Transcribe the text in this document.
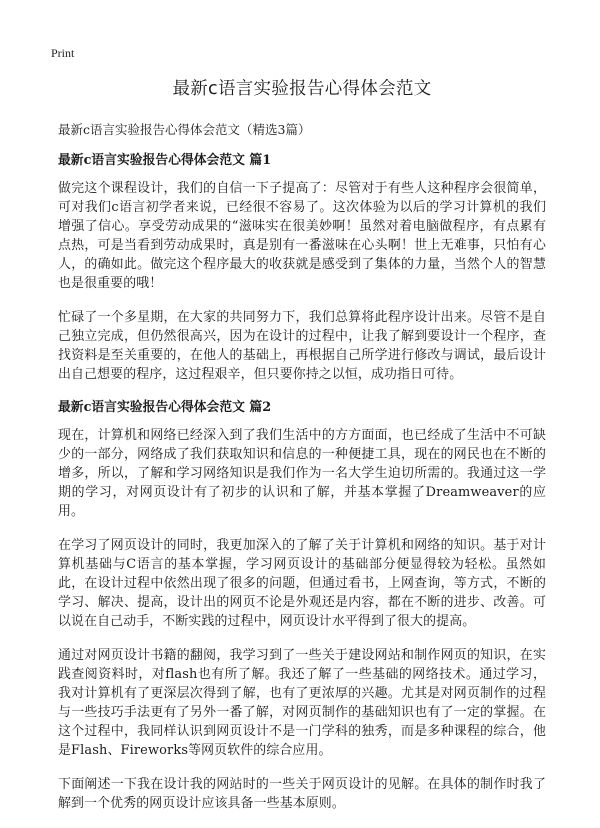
Print
最新c语言实验报告心得体会范文
最新c语言实验报告心得体会范文（精选3篇）
最新c语言实验报告心得体会范文 篇1

做完这个课程设计，我们的自信一下子提高了：尽管对于有些人这种程序会很简单，可对我们c语言初学者来说，已经很不容易了。这次体验为以后的学习计算机的我们增强了信心。享受劳动成果的“滋味实在很美妙啊！虽然对着电脑做程序，有点累有点热，可是当看到劳动成果时，真是别有一番滋味在心头啊！世上无难事，只怕有心人，的确如此。做完这个程序最大的收获就是感受到了集体的力量，当然个人的智慧也是很重要的哦！

忙碌了一个多星期，在大家的共同努力下，我们总算将此程序设计出来。尽管不是自己独立完成，但仍然很高兴，因为在设计的过程中，让我了解到要设计一个程序，查找资料是至关重要的，在他人的基础上，再根据自己所学进行修改与调试，最后设计出自己想要的程序，这过程艰辛，但只要你持之以恒，成功指日可待。

最新c语言实验报告心得体会范文 篇2

现在，计算机和网络已经深入到了我们生活中的方方面面，也已经成了生活中不可缺少的一部分，网络成了我们获取知识和信息的一种便捷工具，现在的网民也在不断的增多，所以，了解和学习网络知识是我们作为一名大学生迫切所需的。我通过这一学期的学习，对网页设计有了初步的认识和了解，并基本掌握了Dreamweaver的应用。

在学习了网页设计的同时，我更加深入的了解了关于计算机和网络的知识。基于对计算机基础与C语言的基本掌握，学习网页设计的基础部分便显得较为轻松。虽然如此，在设计过程中依然出现了很多的问题，但通过看书，上网查询，等方式，不断的学习、解决、提高，设计出的网页不论是外观还是内容，都在不断的进步、改善。可以说在自己动手，不断实践的过程中，网页设计水平得到了很大的提高。

通过对网页设计书籍的翻阅，我学习到了一些关于建设网站和制作网页的知识，在实践查阅资料时，对flash也有所了解。我还了解了一些基础的网络技术。通过学习，我对计算机有了更深层次得到了解，也有了更浓厚的兴趣。尤其是对网页制作的过程与一些技巧手法更有了另外一番了解，对网页制作的基础知识也有了一定的掌握。在这个过程中，我同样认识到网页设计不是一门学科的独秀，而是多种课程的综合，他是Flash、Fireworks等网页软件的综合应用。

下面阐述一下我在设计我的网站时的一些关于网页设计的见解。在具体的制作时我了解到一个优秀的网页设计应该具备一些基本原则。
